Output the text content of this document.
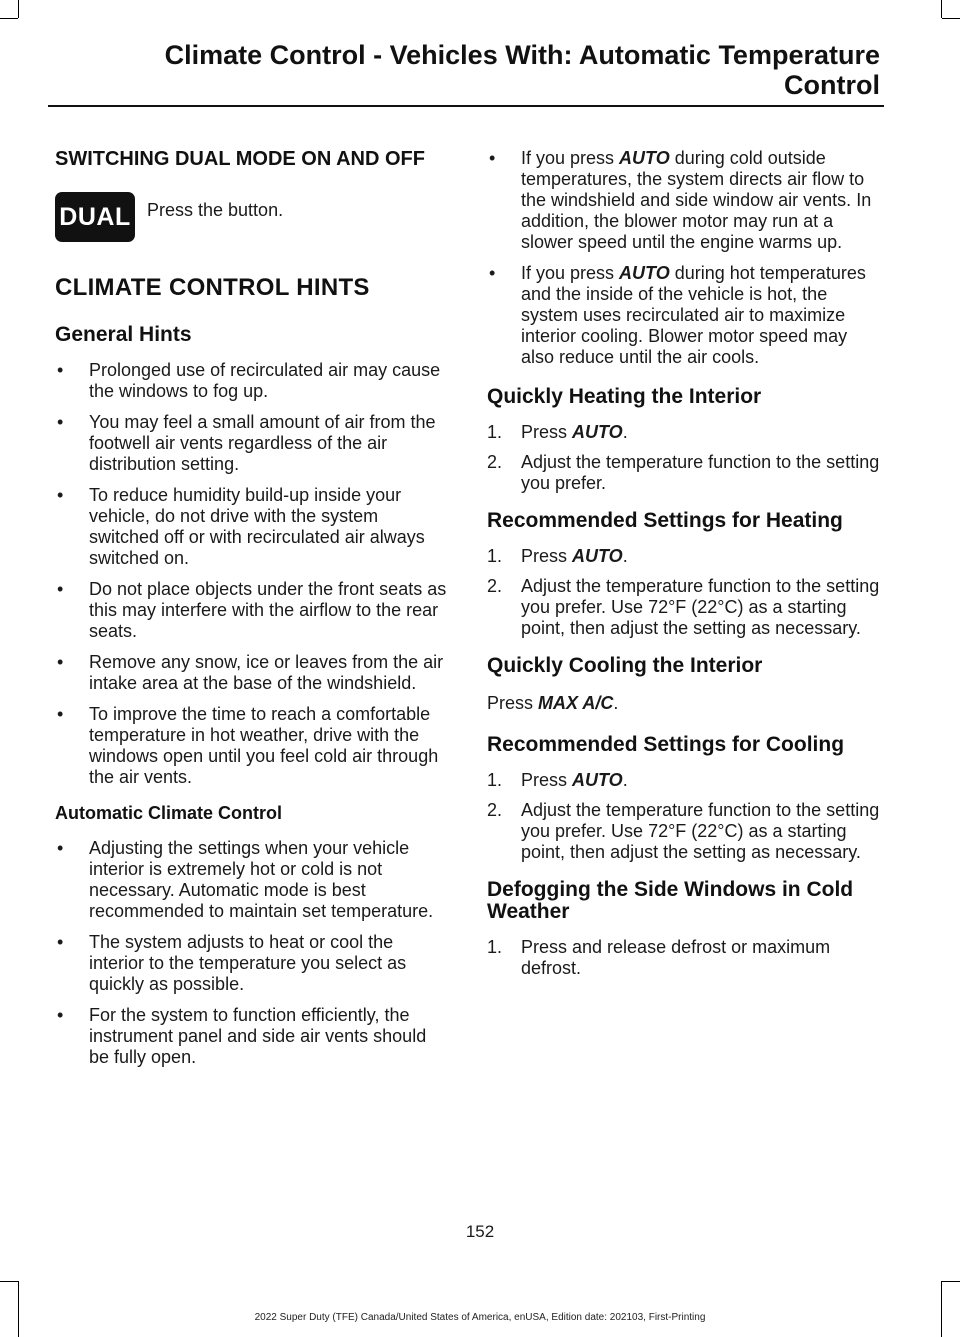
Climate Control - Vehicles With: Automatic Temperature
Control
SWITCHING DUAL MODE ON AND OFF
DUAL Press the button.

CLIMATE CONTROL HINTS
General Hints
• Prolonged use of recirculated air may cause the windows to fog up.
• You may feel a small amount of air from the footwell air vents regardless of the air distribution setting.
• To reduce humidity build-up inside your vehicle, do not drive with the system switched off or with recirculated air always switched on.
• Do not place objects under the front seats as this may interfere with the airflow to the rear seats.
• Remove any snow, ice or leaves from the air intake area at the base of the windshield.
• To improve the time to reach a comfortable temperature in hot weather, drive with the windows open until you feel cold air through the air vents.
Automatic Climate Control
• Adjusting the settings when your vehicle interior is extremely hot or cold is not necessary. Automatic mode is best recommended to maintain set temperature.
• The system adjusts to heat or cool the interior to the temperature you select as quickly as possible.
• For the system to function efficiently, the instrument panel and side air vents should be fully open.
• If you press AUTO during cold outside temperatures, the system directs air flow to the windshield and side window air vents. In addition, the blower motor may run at a slower speed until the engine warms up.
• If you press AUTO during hot temperatures and the inside of the vehicle is hot, the system uses recirculated air to maximize interior cooling. Blower motor speed may also reduce until the air cools.
Quickly Heating the Interior
1. Press AUTO.
2. Adjust the temperature function to the setting you prefer.
Recommended Settings for Heating
1. Press AUTO.
2. Adjust the temperature function to the setting you prefer. Use 72°F (22°C) as a starting point, then adjust the setting as necessary.
Quickly Cooling the Interior

Press MAX A/C.

Recommended Settings for Cooling
1. Press AUTO.
2. Adjust the temperature function to the setting you prefer. Use 72°F (22°C) as a starting point, then adjust the setting as necessary.
Defogging the Side Windows in Cold Weather
1. Press and release defrost or maximum defrost.
152
2022 Super Duty (TFE) Canada/United States of America, enUSA, Edition date: 202103, First-Printing
